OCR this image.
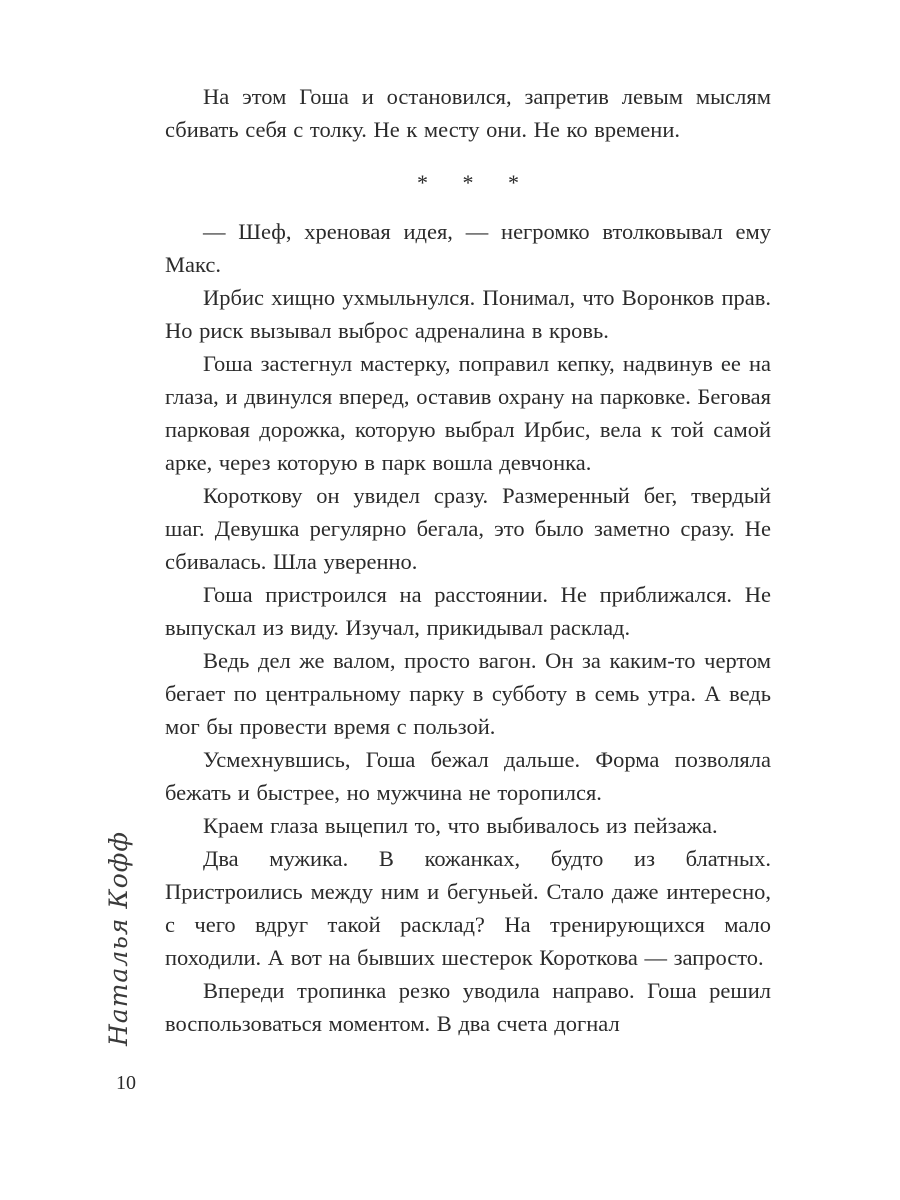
На этом Гоша и остановился, запретив левым мыслям сбивать себя с толку. Не к месту они. Не ко времени.

* * *

— Шеф, хреновая идея, — негромко втолковывал ему Макс.

Ирбис хищно ухмыльнулся. Понимал, что Воронков прав. Но риск вызывал выброс адреналина в кровь.

Гоша застегнул мастерку, поправил кепку, надвинув ее на глаза, и двинулся вперед, оставив охрану на парковке. Беговая парковая дорожка, которую выбрал Ирбис, вела к той самой арке, через которую в парк вошла девчонка.

Короткову он увидел сразу. Размеренный бег, твердый шаг. Девушка регулярно бегала, это было заметно сразу. Не сбивалась. Шла уверенно.

Гоша пристроился на расстоянии. Не приближался. Не выпускал из виду. Изучал, прикидывал расклад.

Ведь дел же валом, просто вагон. Он за каким-то чертом бегает по центральному парку в субботу в семь утра. А ведь мог бы провести время с пользой.

Усмехнувшись, Гоша бежал дальше. Форма позволяла бежать и быстрее, но мужчина не торопился.

Краем глаза выцепил то, что выбивалось из пейзажа.

Два мужика. В кожанках, будто из блатных. Пристроились между ним и бегуньей. Стало даже интересно, с чего вдруг такой расклад? На тренирующихся мало походили. А вот на бывших шестерок Короткова — запросто.

Впереди тропинка резко уводила направо. Гоша решил воспользоваться моментом. В два счета догнал

Наталья Кофф
10
